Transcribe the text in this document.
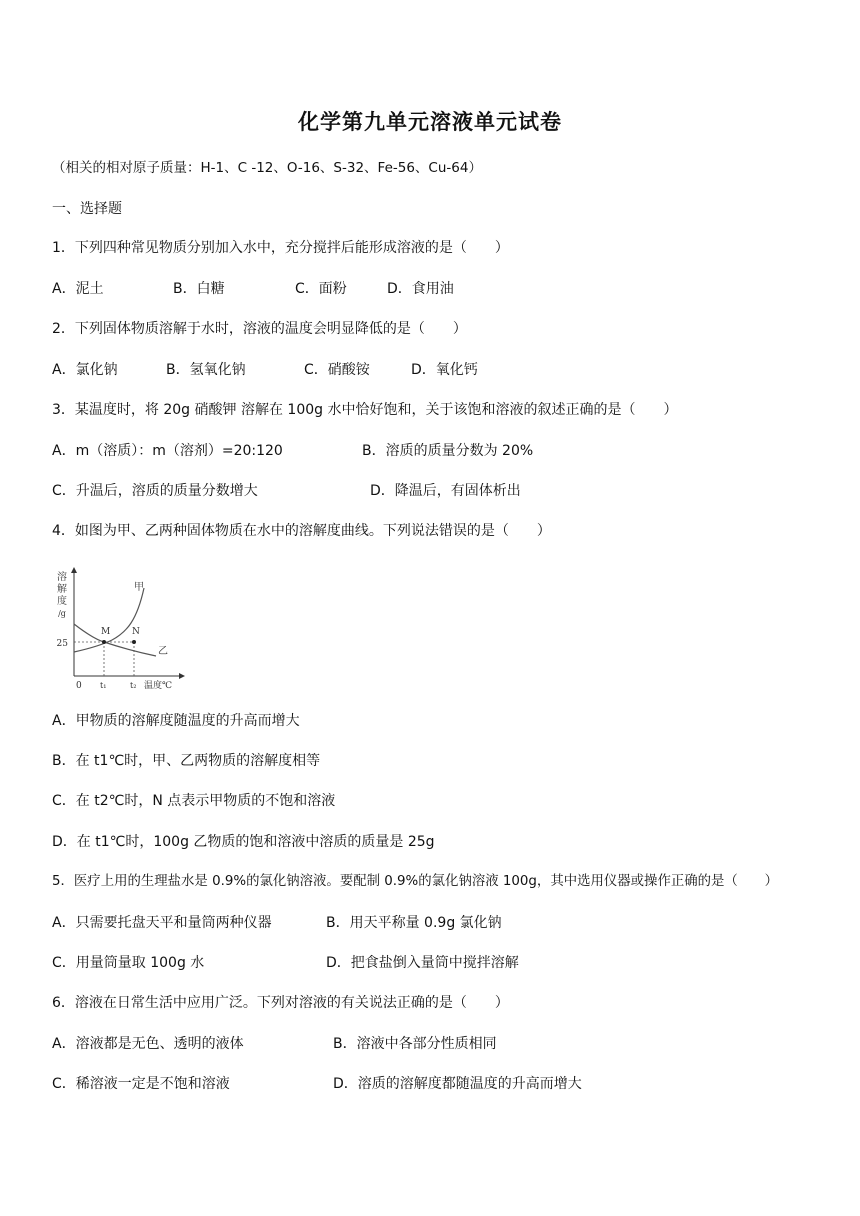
化学第九单元溶液单元试卷
（相关的相对原子质量：H-1、C -12、O-16、S-32、Fe-56、Cu-64）
一、选择题
1．下列四种常见物质分别加入水中，充分搅拌后能形成溶液的是（　　）
A．泥土	B．白糖	C．面粉	D．食用油
2．下列固体物质溶解于水时，溶液的温度会明显降低的是（　　）
A．氯化钠	B．氢氧化钠	C．硝酸铵	D．氧化钙
3．某温度时，将 20g 硝酸钾 溶解在 100g 水中恰好饱和，关于该饱和溶液的叙述正确的是（　　）
A．m（溶质）：m（溶剂）=20:120	B．溶质的质量分数为 20%
C．升温后，溶质的质量分数增大	D．降温后，有固体析出
4．如图为甲、乙两种固体物质在水中的溶解度曲线。下列说法错误的是（　　）
溶
解
度
/g
25
M N
甲
乙
0 t₁	t₂ 温度℃
A．甲物质的溶解度随温度的升高而增大
B．在 t1℃时，甲、乙两物质的溶解度相等
C．在 t2℃时，N 点表示甲物质的不饱和溶液
D．在 t1℃时，100g 乙物质的饱和溶液中溶质的质量是 25g
5．医疗上用的生理盐水是 0.9%的氯化钠溶液。要配制 0.9%的氯化钠溶液 100g，其中选用仪器或操作正确的是（　　）
A．只需要托盘天平和量筒两种仪器	B．用天平称量 0.9g 氯化钠
C．用量筒量取 100g 水	D．把食盐倒入量筒中搅拌溶解
6．溶液在日常生活中应用广泛。下列对溶液的有关说法正确的是（　　）
A．溶液都是无色、透明的液体	B．溶液中各部分性质相同
C．稀溶液一定是不饱和溶液	D．溶质的溶解度都随温度的升高而增大
